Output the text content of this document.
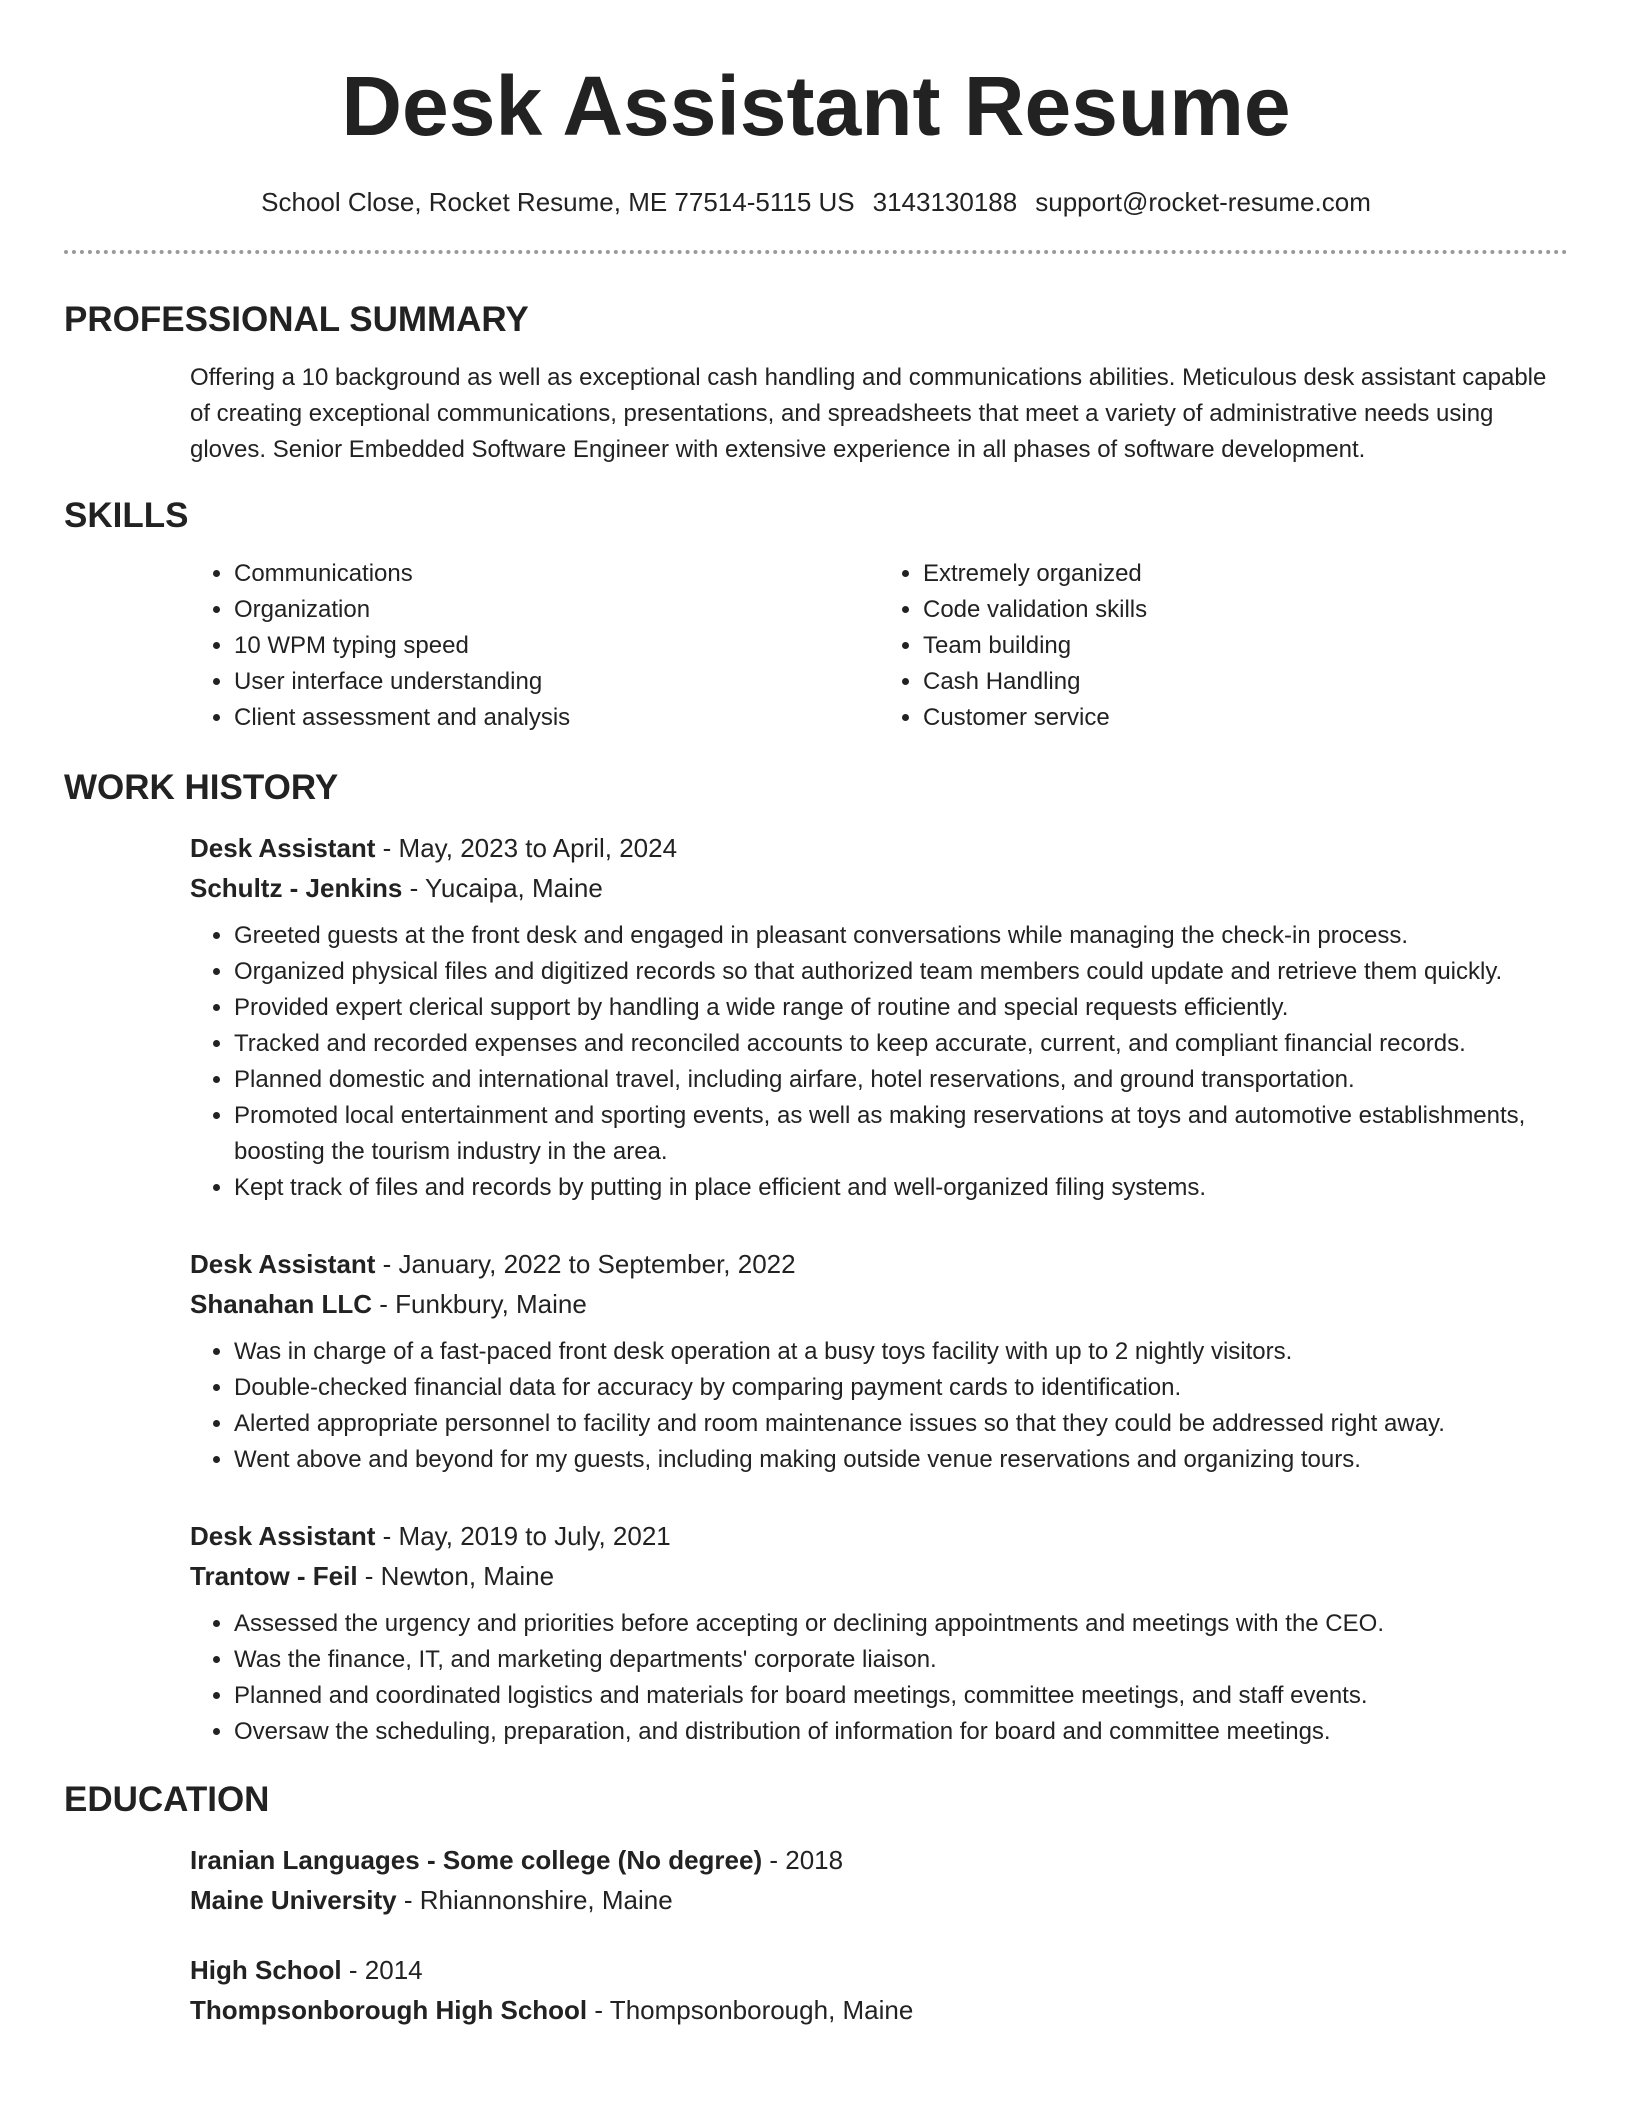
Desk Assistant Resume
School Close, Rocket Resume, ME 77514-5115 US 3143130188 support@rocket-resume.com
PROFESSIONAL SUMMARY
Offering a 10 background as well as exceptional cash handling and communications abilities. Meticulous desk assistant capable of creating exceptional communications, presentations, and spreadsheets that meet a variety of administrative needs using gloves. Senior Embedded Software Engineer with extensive experience in all phases of software development.
SKILLS
• Communications
• Organization
• 10 WPM typing speed
• User interface understanding
• Client assessment and analysis
• Extremely organized
• Code validation skills
• Team building
• Cash Handling
• Customer service
WORK HISTORY
Desk Assistant - May, 2023 to April, 2024
Schultz - Jenkins - Yucaipa, Maine
• Greeted guests at the front desk and engaged in pleasant conversations while managing the check-in process.
• Organized physical files and digitized records so that authorized team members could update and retrieve them quickly.
• Provided expert clerical support by handling a wide range of routine and special requests efficiently.
• Tracked and recorded expenses and reconciled accounts to keep accurate, current, and compliant financial records.
• Planned domestic and international travel, including airfare, hotel reservations, and ground transportation.
• Promoted local entertainment and sporting events, as well as making reservations at toys and automotive establishments, boosting the tourism industry in the area.
• Kept track of files and records by putting in place efficient and well-organized filing systems.
Desk Assistant - January, 2022 to September, 2022
Shanahan LLC - Funkbury, Maine
• Was in charge of a fast-paced front desk operation at a busy toys facility with up to 2 nightly visitors.
• Double-checked financial data for accuracy by comparing payment cards to identification.
• Alerted appropriate personnel to facility and room maintenance issues so that they could be addressed right away.
• Went above and beyond for my guests, including making outside venue reservations and organizing tours.
Desk Assistant - May, 2019 to July, 2021
Trantow - Feil - Newton, Maine
• Assessed the urgency and priorities before accepting or declining appointments and meetings with the CEO.
• Was the finance, IT, and marketing departments' corporate liaison.
• Planned and coordinated logistics and materials for board meetings, committee meetings, and staff events.
• Oversaw the scheduling, preparation, and distribution of information for board and committee meetings.
EDUCATION
Iranian Languages - Some college (No degree) - 2018
Maine University - Rhiannonshire, Maine
High School - 2014
Thompsonborough High School - Thompsonborough, Maine
